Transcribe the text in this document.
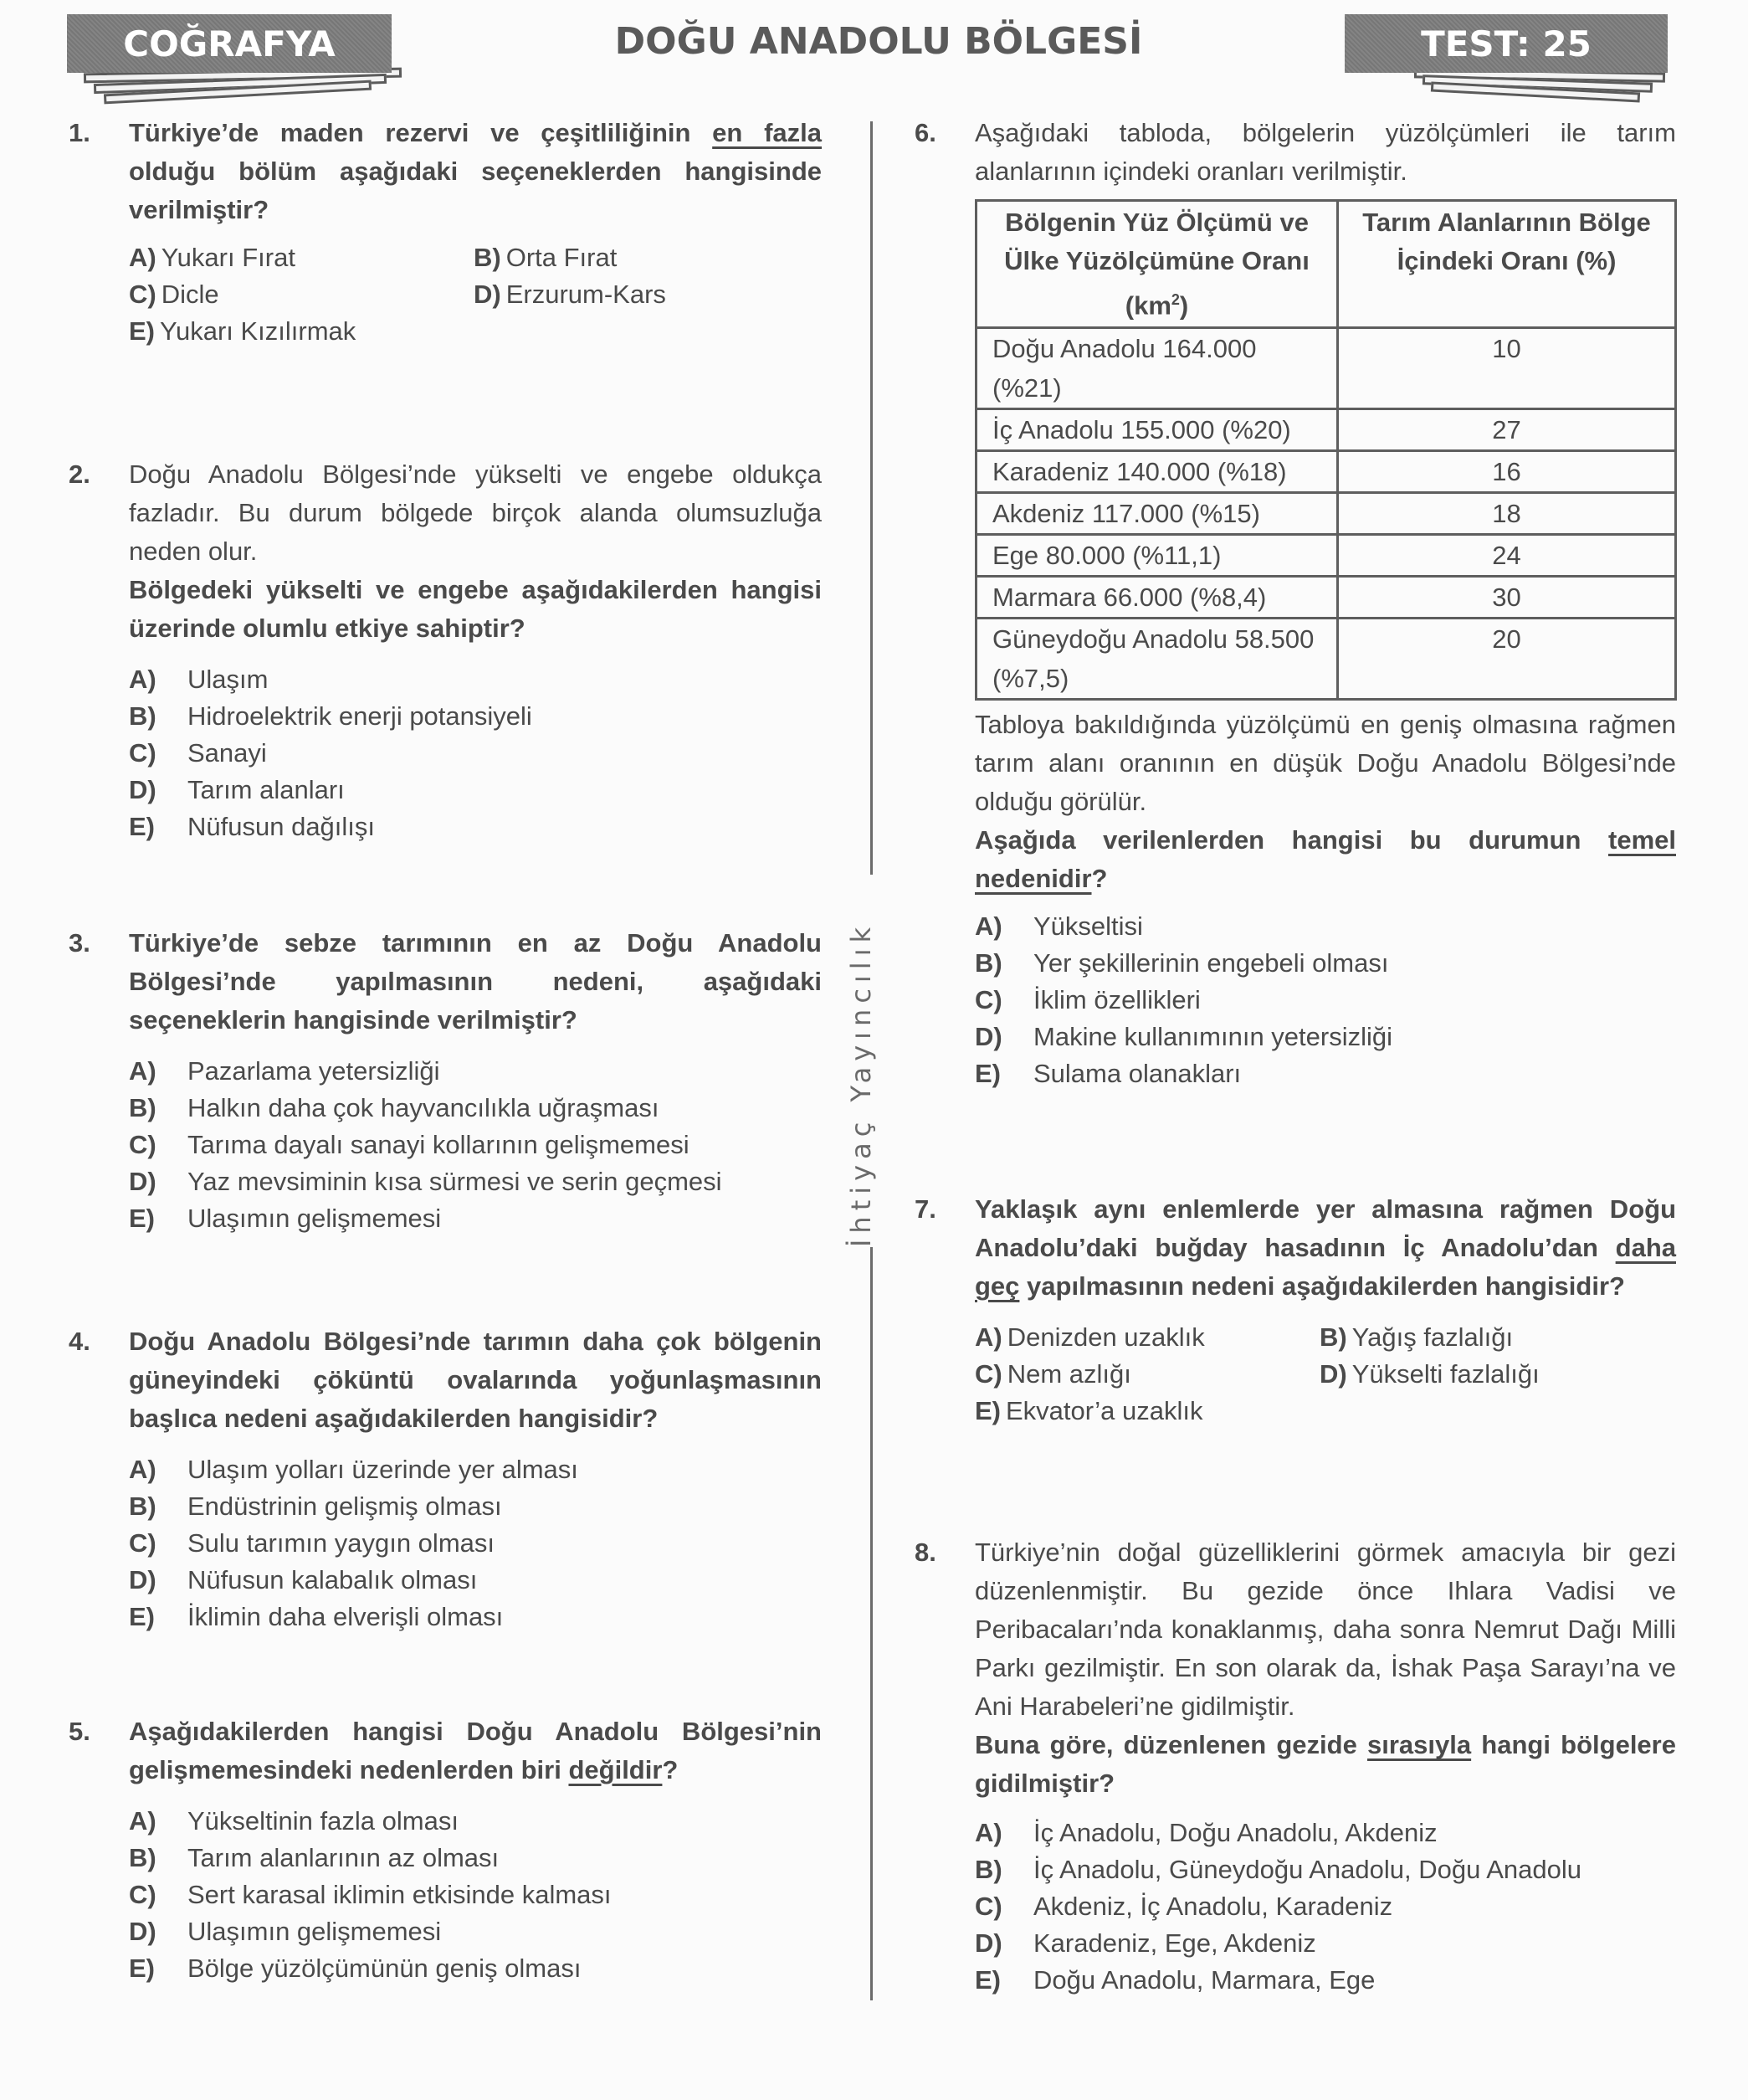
COĞRAFYA	DOĞU ANADOLU BÖLGESİ	TEST: 25
İhtiyaç Yayıncılık
1. Türkiye’de maden rezervi ve çeşitliliğinin en fazla olduğu bölüm aşağıdaki seçeneklerden hangisinde verilmiştir?
A) Yukarı Fırat	B) Orta Fırat
C) Dicle	D) Erzurum-Kars
E) Yukarı Kızılırmak
2. Doğu Anadolu Bölgesi’nde yükselti ve engebe oldukça fazladır. Bu durum bölgede birçok alanda olumsuzluğa neden olur.
Bölgedeki yükselti ve engebe aşağıdakilerden hangisi üzerinde olumlu etkiye sahiptir?
A)	Ulaşım
B)	Hidroelektrik enerji potansiyeli
C)	Sanayi
D)	Tarım alanları
E)	Nüfusun dağılışı
3. Türkiye’de sebze tarımının en az Doğu Anadolu Bölgesi’nde yapılmasının nedeni, aşağıdaki seçeneklerin hangisinde verilmiştir?
A)	Pazarlama yetersizliği
B)	Halkın daha çok hayvancılıkla uğraşması
C)	Tarıma dayalı sanayi kollarının gelişmemesi
D)	Yaz mevsiminin kısa sürmesi ve serin geçmesi
E)	Ulaşımın gelişmemesi
4. Doğu Anadolu Bölgesi’nde tarımın daha çok bölgenin güneyindeki çöküntü ovalarında yoğunlaşmasının başlıca nedeni aşağıdakilerden hangisidir?
A)	Ulaşım yolları üzerinde yer alması
B)	Endüstrinin gelişmiş olması
C)	Sulu tarımın yaygın olması
D)	Nüfusun kalabalık olması
E)	İklimin daha elverişli olması
5. Aşağıdakilerden hangisi Doğu Anadolu Bölgesi’nin gelişmemesindeki nedenlerden biri değildir?
A)	Yükseltinin fazla olması
B)	Tarım alanlarının az olması
C)	Sert karasal iklimin etkisinde kalması
D)	Ulaşımın gelişmemesi
E)	Bölge yüzölçümünün geniş olması
6. Aşağıdaki tabloda, bölgelerin yüzölçümleri ile tarım alanlarının içindeki oranları verilmiştir.
Bölgenin Yüz Ölçümü ve Ülke Yüzölçümüne Oranı $(km^2)$	Tarım Alanlarının Bölge İçindeki Oranı (%)
Doğu Anadolu 164.000 (%21)	10
İç Anadolu 155.000 (%20)	27
Karadeniz 140.000 (%18)	16
Akdeniz 117.000 (%15)	18
Ege 80.000 (%11,1)	24
Marmara 66.000 (%8,4)	30
Güneydoğu Anadolu 58.500 (%7,5)	20
Tabloya bakıldığında yüzölçümü en geniş olmasına rağmen tarım alanı oranının en düşük Doğu Anadolu Bölgesi’nde olduğu görülür.
Aşağıda verilenlerden hangisi bu durumun temel nedenidir?
A)	Yükseltisi
B)	Yer şekillerinin engebeli olması
C)	İklim özellikleri
D)	Makine kullanımının yetersizliği
E)	Sulama olanakları
7. Yaklaşık aynı enlemlerde yer almasına rağmen Doğu Anadolu’daki buğday hasadının İç Anadolu’dan daha geç yapılmasının nedeni aşağıdakilerden hangisidir?
A) Denizden uzaklık	B) Yağış fazlalığı
C) Nem azlığı	D) Yükselti fazlalığı
E) Ekvator’a uzaklık
8. Türkiye’nin doğal güzelliklerini görmek amacıyla bir gezi düzenlenmiştir. Bu gezide önce Ihlara Vadisi ve Peribacaları’nda konaklanmış, daha sonra Nemrut Dağı Milli Parkı gezilmiştir. En son olarak da, İshak Paşa Sarayı’na ve Ani Harabeleri’ne gidilmiştir.
Buna göre, düzenlenen gezide sırasıyla hangi bölgelere gidilmiştir?
A)	İç Anadolu, Doğu Anadolu, Akdeniz
B)	İç Anadolu, Güneydoğu Anadolu, Doğu Anadolu
C)	Akdeniz, İç Anadolu, Karadeniz
D)	Karadeniz, Ege, Akdeniz
E)	Doğu Anadolu, Marmara, Ege
